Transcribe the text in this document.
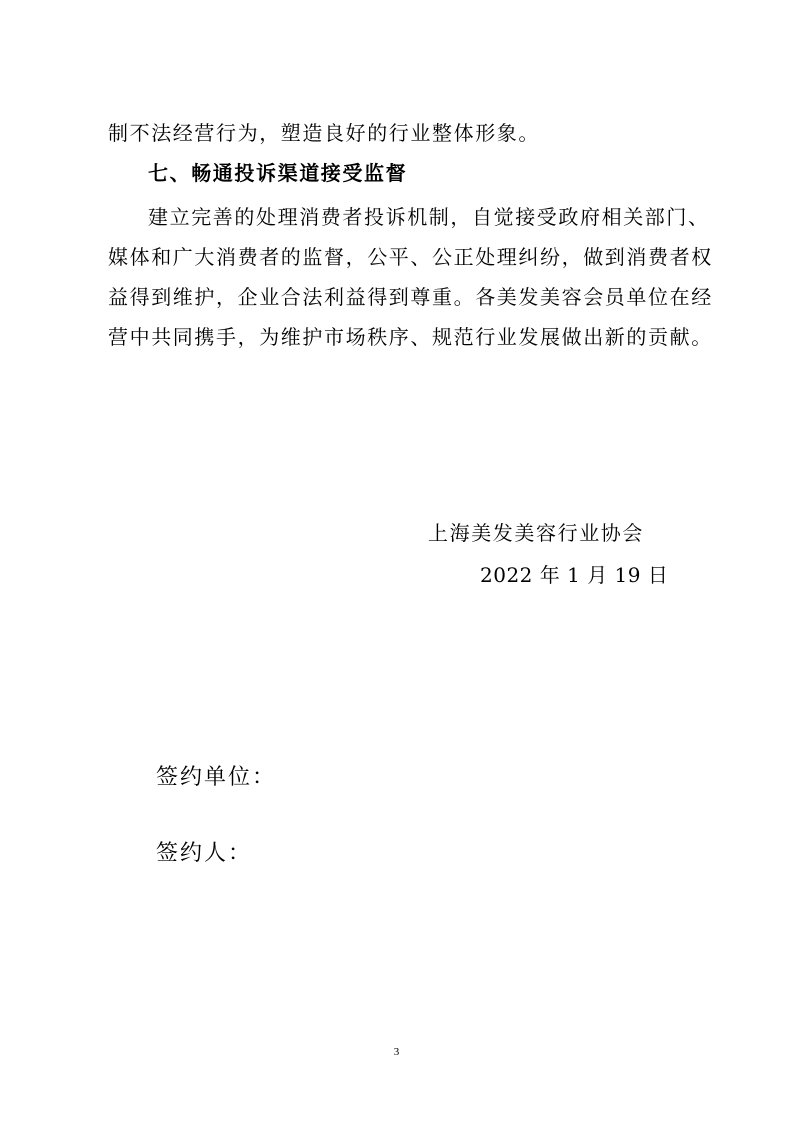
制不法经营行为，塑造良好的行业整体形象。
七、畅通投诉渠道接受监督
建立完善的处理消费者投诉机制，自觉接受政府相关部门、
媒体和广大消费者的监督，公平、公正处理纠纷，做到消费者权
益得到维护，企业合法利益得到尊重。各美发美容会员单位在经
营中共同携手，为维护市场秩序、规范行业发展做出新的贡献。
上海美发美容行业协会
2022 年 1 月 19 日
签约单位：
签约人：
3
